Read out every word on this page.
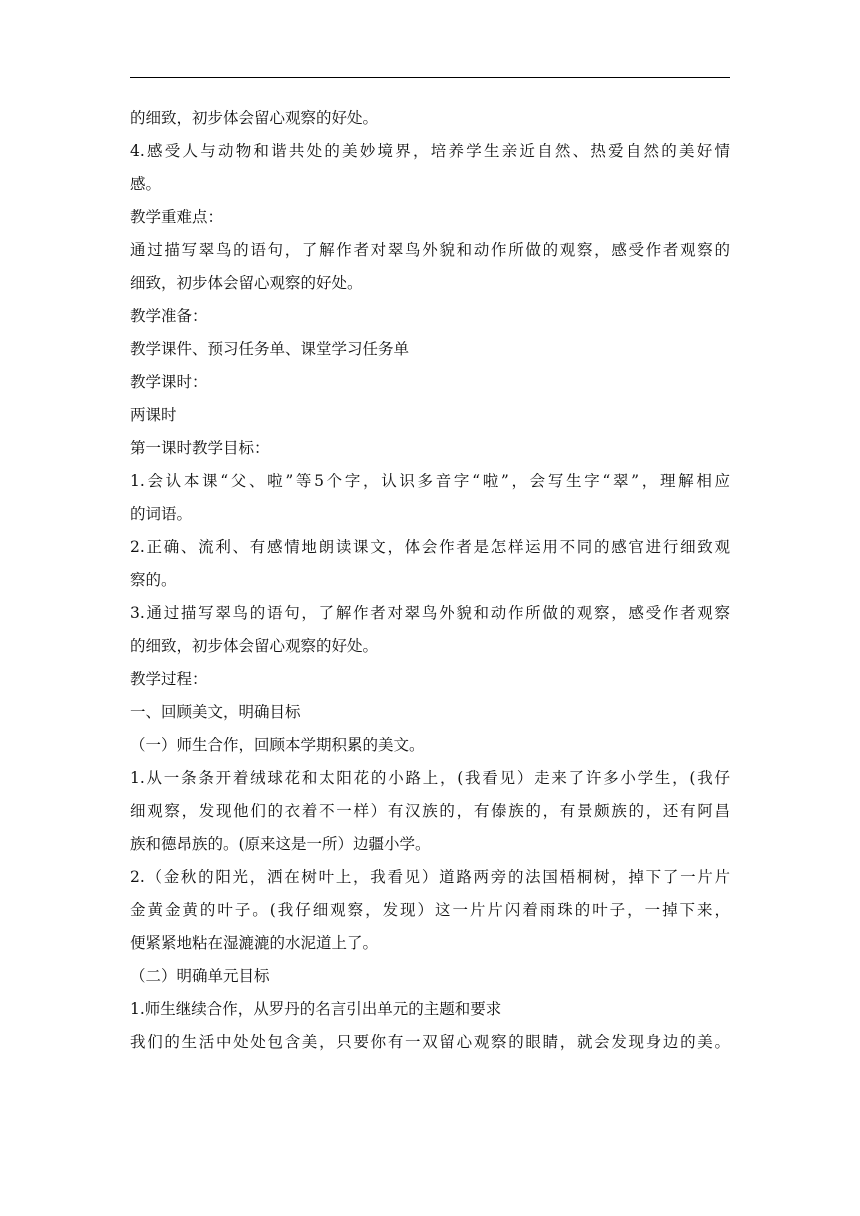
的细致，初步体会留心观察的好处。
4.感受人与动物和谐共处的美妙境界，培养学生亲近自然、热爱自然的美好情
感。
教学重难点：
通过描写翠鸟的语句，了解作者对翠鸟外貌和动作所做的观察，感受作者观察的
细致，初步体会留心观察的好处。
教学准备：
教学课件、预习任务单、课堂学习任务单
教学课时：
两课时
第一课时教学目标：
1.会认本课“父、啦”等5个字，认识多音字“啦”，会写生字“翠”，理解相应
的词语。
2.正确、流利、有感情地朗读课文，体会作者是怎样运用不同的感官进行细致观
察的。
3.通过描写翠鸟的语句，了解作者对翠鸟外貌和动作所做的观察，感受作者观察
的细致，初步体会留心观察的好处。
教学过程：
一、回顾美文，明确目标
（一）师生合作，回顾本学期积累的美文。
1.从一条条开着绒球花和太阳花的小路上，(我看见）走来了许多小学生，(我仔
细观察，发现他们的衣着不一样）有汉族的，有傣族的，有景颇族的，还有阿昌
族和德昂族的。(原来这是一所）边疆小学。
2.（金秋的阳光，洒在树叶上，我看见）道路两旁的法国梧桐树，掉下了一片片
金黄金黄的叶子。(我仔细观察，发现）这一片片闪着雨珠的叶子，一掉下来，
便紧紧地粘在湿漉漉的水泥道上了。
（二）明确单元目标
1.师生继续合作，从罗丹的名言引出单元的主题和要求
我们的生活中处处包含美，只要你有一双留心观察的眼睛，就会发现身边的美。
